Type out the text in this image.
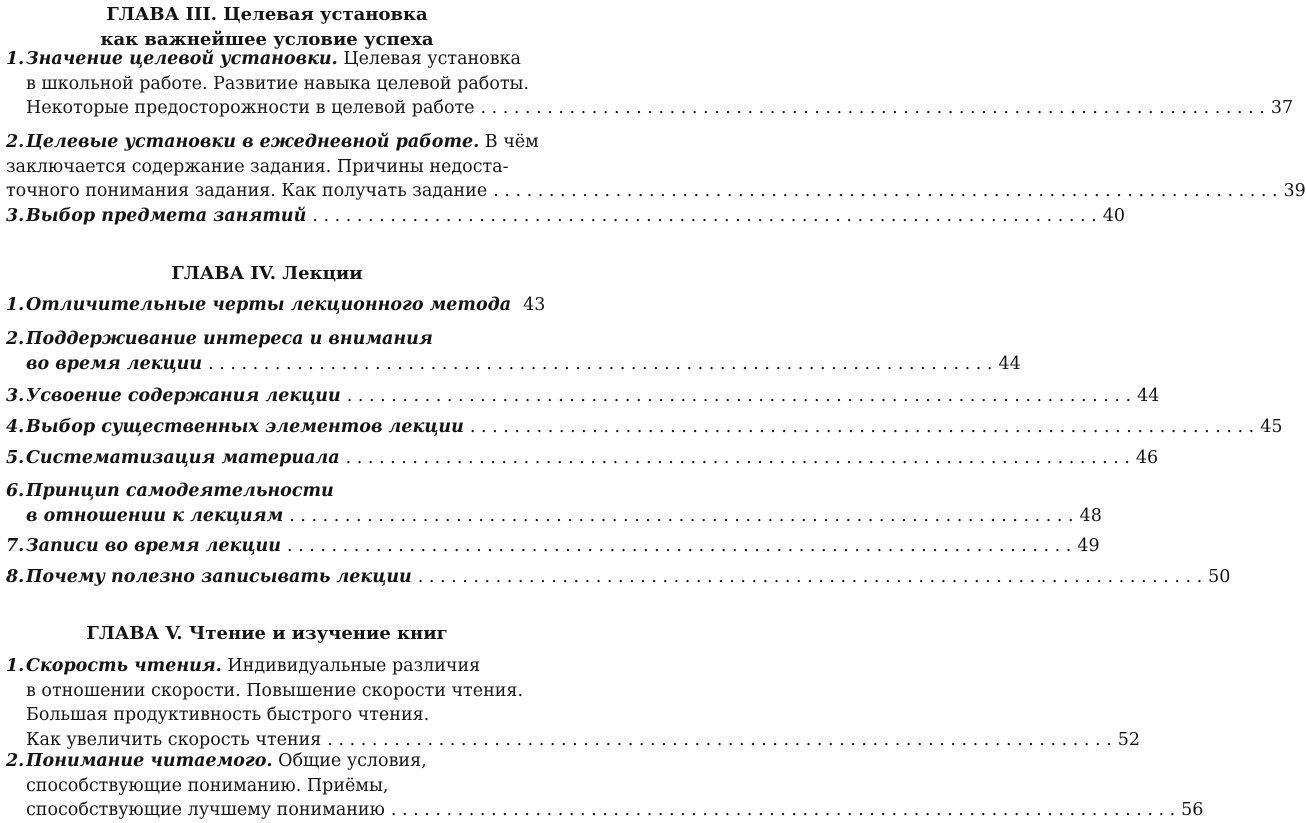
ГЛАВА III. Целевая установка
как важнейшее условие успеха
1. Значение целевой установки.
Целевая установка
в школьной работе. Развитие навыка целевой работы.
Некоторые предосторожности в целевой работе . . .	37
2. Целевые установки в ежедневной работе.
В чём
заключается содержание задания. Причины недоста-
точного понимания задания. Как получать задание . . .	39
3. Выбор предмета занятий . . .	40
ГЛАВА IV. Лекции
1. Отличительные черты лекционного метода 43
2. Поддерживание интереса и внимания
во время лекции . . .	44
3. Усвоение содержания лекции . . .	44
4. Выбор существенных элементов лекции . . .	45
5. Систематизация материала . . .	46
6. Принцип самодеятельности
в отношении к лекциям . . .	48
7. Записи во время лекции . . .	49
8. Почему полезно записывать лекции . . .	50
ГЛАВА V. Чтение и изучение книг
1. Скорость чтения.
Индивидуальные различия
в отношении скорости. Повышение скорости чтения.
Большая продуктивность быстрого чтения.
Как увеличить скорость чтения . . .	52
2. Понимание читаемого.
Общие условия,
способствующие пониманию. Приёмы,
способствующие лучшему пониманию . . .	56
